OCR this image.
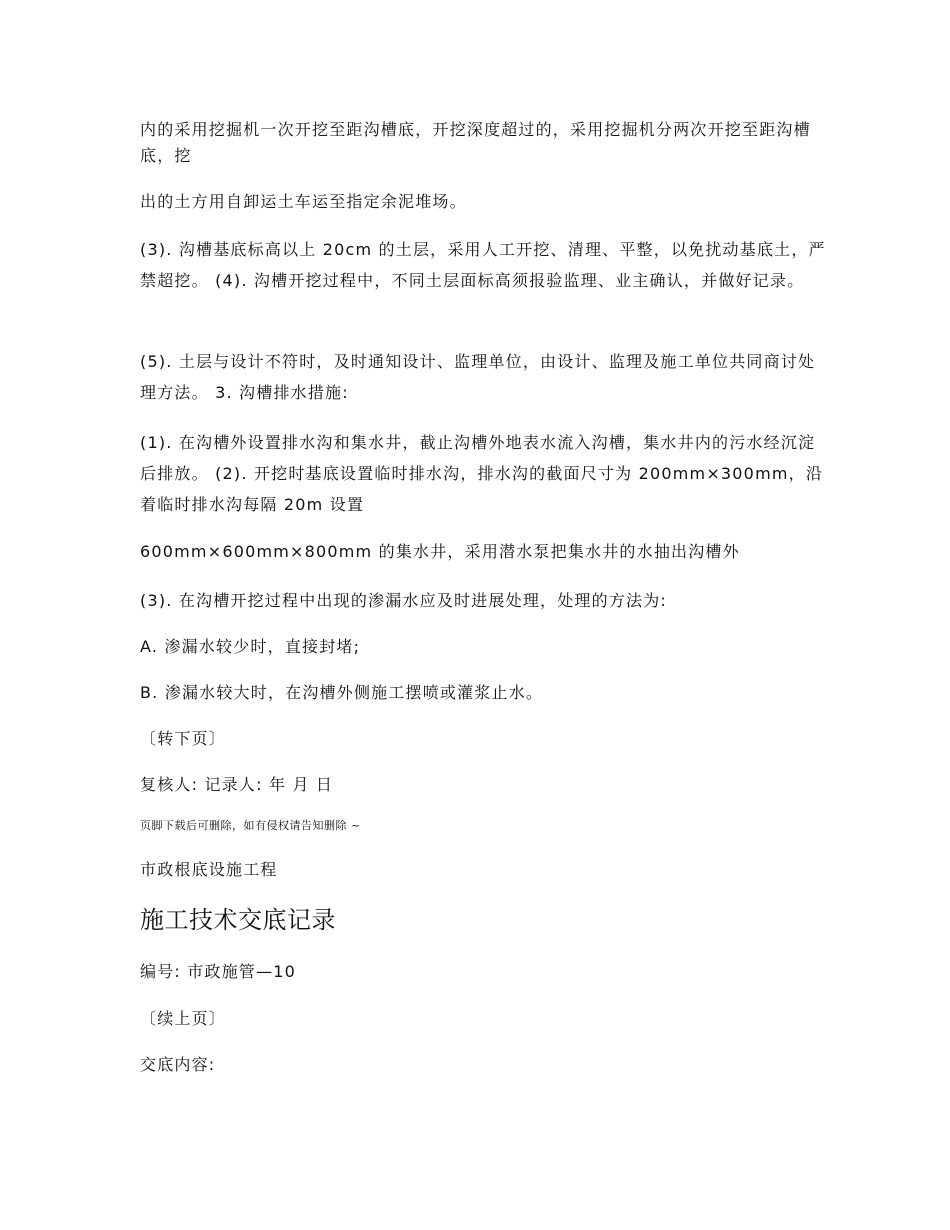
内的采用挖掘机一次开挖至距沟槽底，开挖深度超过的，采用挖掘机分两次开挖至距沟槽底，挖

出的土方用自卸运土车运至指定余泥堆场。

(3). 沟槽基底标高以上 20cm 的土层，采用人工开挖、清理、平整，以免扰动基底土，严禁超挖。 (4). 沟槽开挖过程中，不同土层面标高须报验监理、业主确认，并做好记录。

(5). 土层与设计不符时，及时通知设计、监理单位，由设计、监理及施工单位共同商讨处理方法。 3. 沟槽排水措施:

(1). 在沟槽外设置排水沟和集水井，截止沟槽外地表水流入沟槽，集水井内的污水经沉淀后排放。 (2). 开挖时基底设置临时排水沟，排水沟的截面尺寸为 200mm×300mm，沿着临时排水沟每隔 20m 设置

600mm×600mm×800mm 的集水井，采用潜水泵把集水井的水抽出沟槽外

(3). 在沟槽开挖过程中出现的渗漏水应及时进展处理，处理的方法为:

A. 渗漏水较少时，直接封堵;

B. 渗漏水较大时，在沟槽外侧施工摆喷或灌浆止水。

〔转下页〕

复核人: 记录人: 年 月 日

页脚下载后可删除，如有侵权请告知删除 ~

市政根底设施工程

施工技术交底记录

编号: 市政施管—10

〔续上页〕

交底内容:
